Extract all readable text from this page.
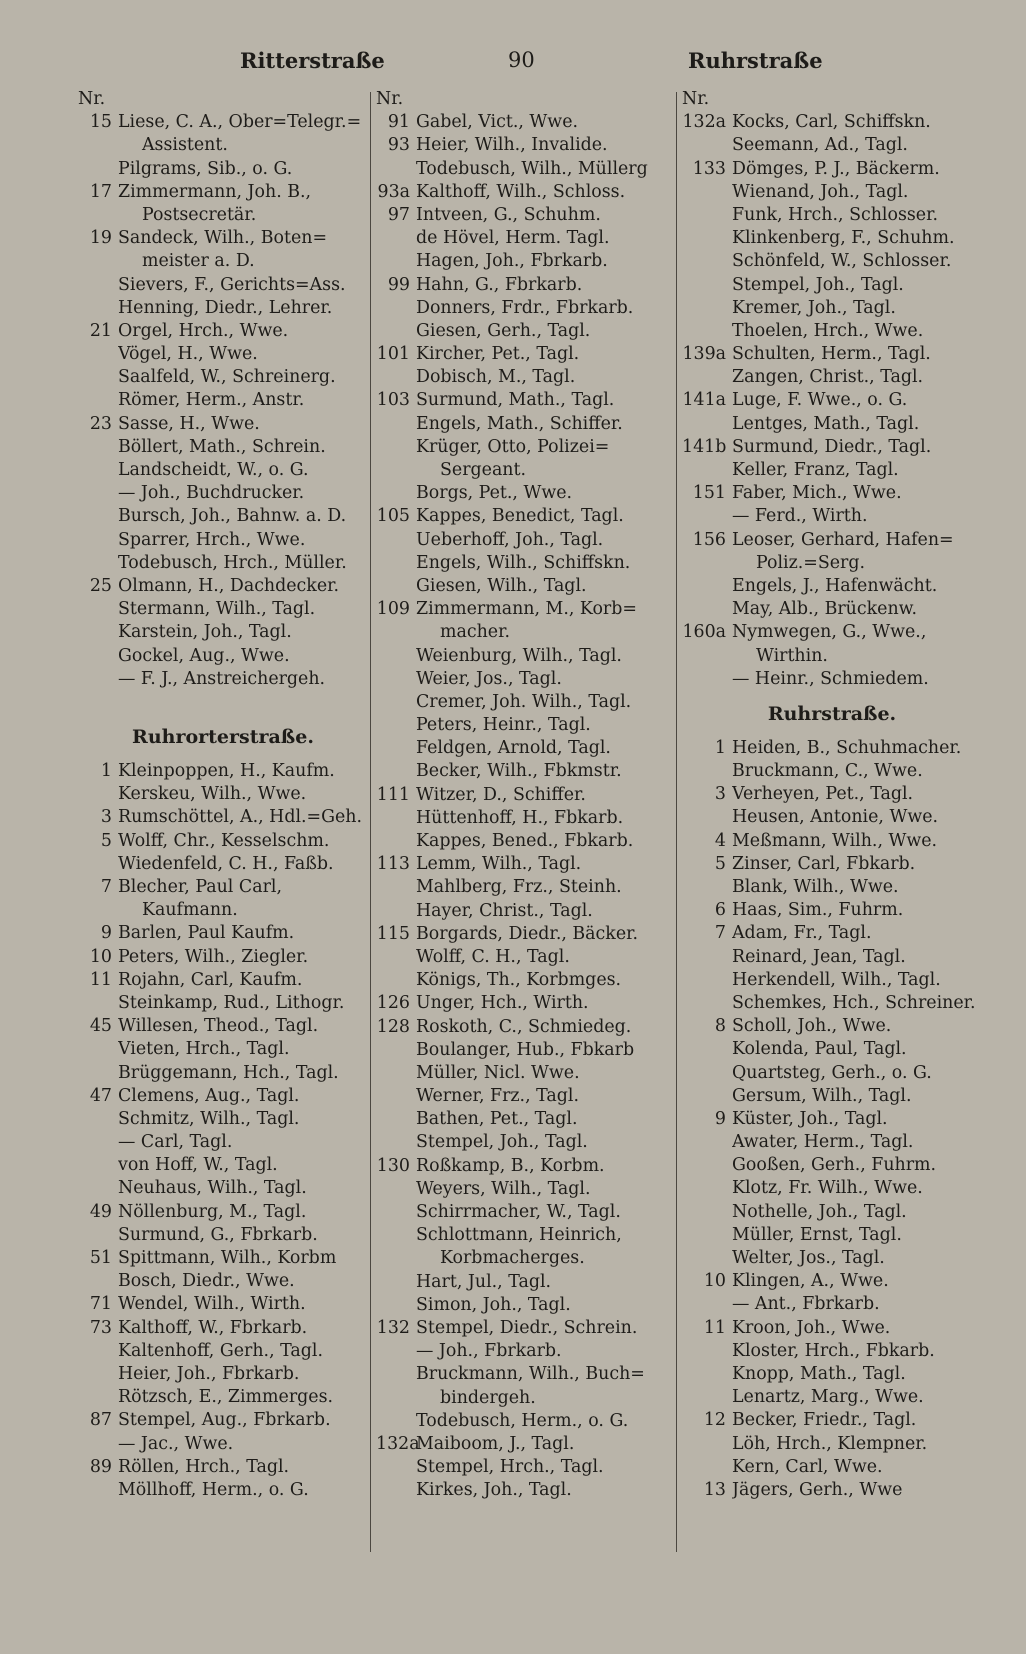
Ritterstraße	90	Ruhrstraße
Nr.
15 Liese, C. A., Ober=Telegr.=
Assistent.
Pilgrams, Sib., o. G.
17 Zimmermann, Joh. B.,
Postsecretär.
19 Sandeck, Wilh., Boten=
meister a. D.
Sievers, F., Gerichts=Ass.
Henning, Diedr., Lehrer.
21 Orgel, Hrch., Wwe.
Vögel, H., Wwe.
Saalfeld, W., Schreinerg.
Römer, Herm., Anstr.
23 Sasse, H., Wwe.
Böllert, Math., Schrein.
Landscheidt, W., o. G.
— Joh., Buchdrucker.
Bursch, Joh., Bahnw. a. D.
Sparrer, Hrch., Wwe.
Todebusch, Hrch., Müller.
25 Olmann, H., Dachdecker.
Stermann, Wilh., Tagl.
Karstein, Joh., Tagl.
Gockel, Aug., Wwe.
— F. J., Anstreichergeh.
Ruhrorterstraße.
1 Kleinpoppen, H., Kaufm.
Kerskeu, Wilh., Wwe.
3 Rumschöttel, A., Hdl.=Geh.
5 Wolff, Chr., Kesselschm.
Wiedenfeld, C. H., Faßb.
7 Blecher, Paul Carl,
Kaufmann.
9 Barlen, Paul Kaufm.
10 Peters, Wilh., Ziegler.
11 Rojahn, Carl, Kaufm.
Steinkamp, Rud., Lithogr.
45 Willesen, Theod., Tagl.
Vieten, Hrch., Tagl.
Brüggemann, Hch., Tagl.
47 Clemens, Aug., Tagl.
Schmitz, Wilh., Tagl.
— Carl, Tagl.
von Hoff, W., Tagl.
Neuhaus, Wilh., Tagl.
49 Nöllenburg, M., Tagl.
Surmund, G., Fbrkarb.
51 Spittmann, Wilh., Korbm
Bosch, Diedr., Wwe.
71 Wendel, Wilh., Wirth.
73 Kalthoff, W., Fbrkarb.
Kaltenhoff, Gerh., Tagl.
Heier, Joh., Fbrkarb.
Rötzsch, E., Zimmerges.
87 Stempel, Aug., Fbrkarb.
— Jac., Wwe.
89 Röllen, Hrch., Tagl.
Möllhoff, Herm., o. G.
Nr.
91 Gabel, Vict., Wwe.
93 Heier, Wilh., Invalide.
Todebusch, Wilh., Müllerg
93a Kalthoff, Wilh., Schloss.
97 Intveen, G., Schuhm.
de Hövel, Herm. Tagl.
Hagen, Joh., Fbrkarb.
99 Hahn, G., Fbrkarb.
Donners, Frdr., Fbrkarb.
Giesen, Gerh., Tagl.
101 Kircher, Pet., Tagl.
Dobisch, M., Tagl.
103 Surmund, Math., Tagl.
Engels, Math., Schiffer.
Krüger, Otto, Polizei=
Sergeant.
Borgs, Pet., Wwe.
105 Kappes, Benedict, Tagl.
Ueberhoff, Joh., Tagl.
Engels, Wilh., Schiffskn.
Giesen, Wilh., Tagl.
109 Zimmermann, M., Korb=
macher.
Weienburg, Wilh., Tagl.
Weier, Jos., Tagl.
Cremer, Joh. Wilh., Tagl.
Peters, Heinr., Tagl.
Feldgen, Arnold, Tagl.
Becker, Wilh., Fbkmstr.
111 Witzer, D., Schiffer.
Hüttenhoff, H., Fbkarb.
Kappes, Bened., Fbkarb.
113 Lemm, Wilh., Tagl.
Mahlberg, Frz., Steinh.
Hayer, Christ., Tagl.
115 Borgards, Diedr., Bäcker.
Wolff, C. H., Tagl.
Königs, Th., Korbmges.
126 Unger, Hch., Wirth.
128 Roskoth, C., Schmiedeg.
Boulanger, Hub., Fbkarb
Müller, Nicl. Wwe.
Werner, Frz., Tagl.
Bathen, Pet., Tagl.
Stempel, Joh., Tagl.
130 Roßkamp, B., Korbm.
Weyers, Wilh., Tagl.
Schirrmacher, W., Tagl.
Schlottmann, Heinrich,
Korbmacherges.
Hart, Jul., Tagl.
Simon, Joh., Tagl.
132 Stempel, Diedr., Schrein.
— Joh., Fbrkarb.
Bruckmann, Wilh., Buch=
bindergeh.
Todebusch, Herm., o. G.
132a
Maiboom, J., Tagl.
Stempel, Hrch., Tagl.
Kirkes, Joh., Tagl.
Nr.
132a Kocks, Carl, Schiffskn.
Seemann, Ad., Tagl.
133 Dömges, P. J., Bäckerm.
Wienand, Joh., Tagl.
Funk, Hrch., Schlosser.
Klinkenberg, F., Schuhm.
Schönfeld, W., Schlosser.
Stempel, Joh., Tagl.
Kremer, Joh., Tagl.
Thoelen, Hrch., Wwe.
139a Schulten, Herm., Tagl.
Zangen, Christ., Tagl.
141a Luge, F. Wwe., o. G.
Lentges, Math., Tagl.
141b Surmund, Diedr., Tagl.
Keller, Franz, Tagl.
151 Faber, Mich., Wwe.
— Ferd., Wirth.
156 Leoser, Gerhard, Hafen=
Poliz.=Serg.
Engels, J., Hafenwächt.
May, Alb., Brückenw.
160a Nymwegen, G., Wwe.,
Wirthin.
— Heinr., Schmiedem.
Ruhrstraße.
1 Heiden, B., Schuhmacher.
Bruckmann, C., Wwe.
3 Verheyen, Pet., Tagl.
Heusen, Antonie, Wwe.
4 Meßmann, Wilh., Wwe.
5 Zinser, Carl, Fbkarb.
Blank, Wilh., Wwe.
6 Haas, Sim., Fuhrm.
7 Adam, Fr., Tagl.
Reinard, Jean, Tagl.
Herkendell, Wilh., Tagl.
Schemkes, Hch., Schreiner.
8 Scholl, Joh., Wwe.
Kolenda, Paul, Tagl.
Quartsteg, Gerh., o. G.
Gersum, Wilh., Tagl.
9 Küster, Joh., Tagl.
Awater, Herm., Tagl.
Gooßen, Gerh., Fuhrm.
Klotz, Fr. Wilh., Wwe.
Nothelle, Joh., Tagl.
Müller, Ernst, Tagl.
Welter, Jos., Tagl.
10 Klingen, A., Wwe.
— Ant., Fbrkarb.
11 Kroon, Joh., Wwe.
Kloster, Hrch., Fbkarb.
Knopp, Math., Tagl.
Lenartz, Marg., Wwe.
12 Becker, Friedr., Tagl.
Löh, Hrch., Klempner.
Kern, Carl, Wwe.
13 Jägers, Gerh., Wwe
